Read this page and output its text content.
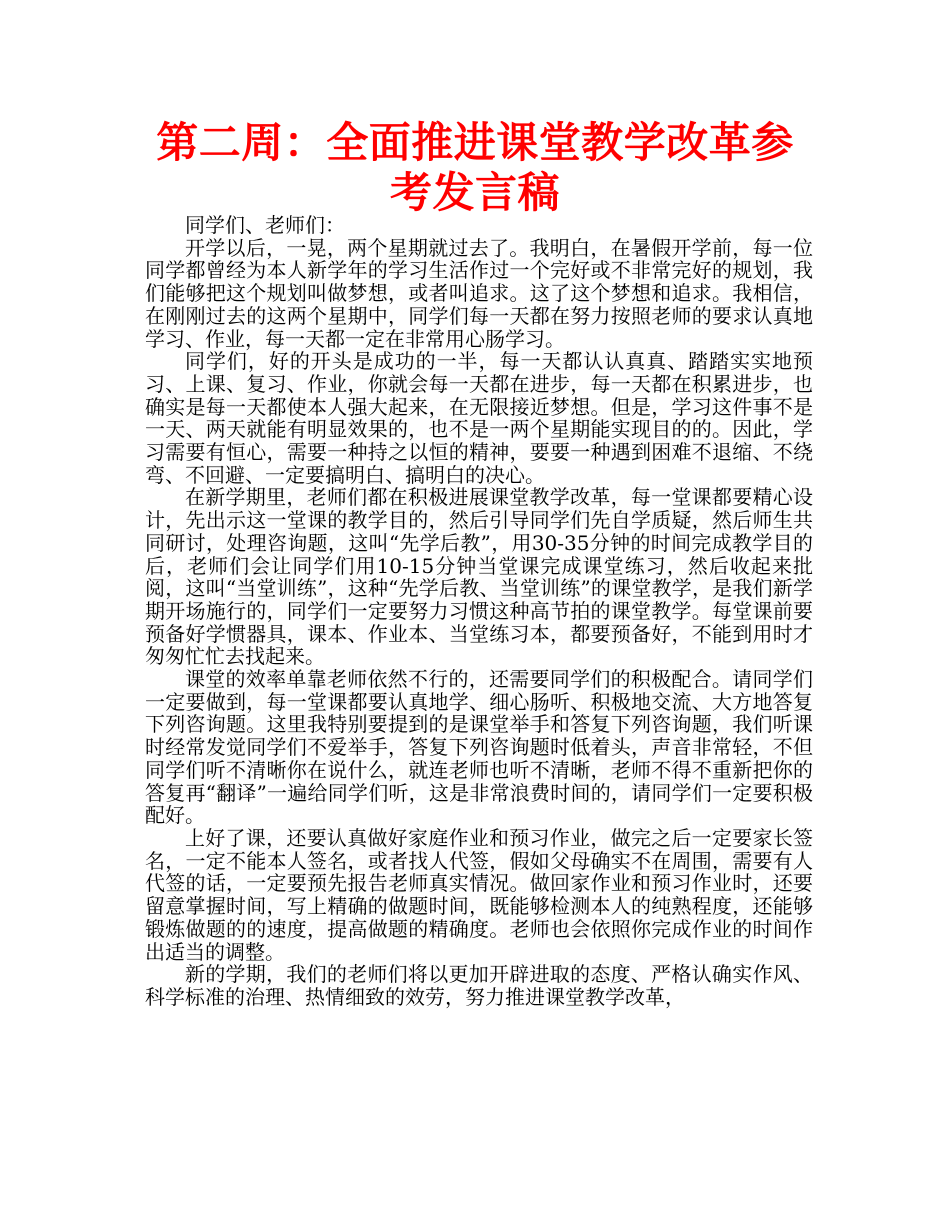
第二周：全面推进课堂教学改革参考发言稿

同学们、老师们：

开学以后，一晃，两个星期就过去了。我明白，在暑假开学前，每一位同学都曾经为本人新学年的学习生活作过一个完好或不非常完好的规划，我们能够把这个规划叫做梦想，或者叫追求。这了这个梦想和追求。我相信，在刚刚过去的这两个星期中，同学们每一天都在努力按照老师的要求认真地学习、作业，每一天都一定在非常用心肠学习。

同学们，好的开头是成功的一半，每一天都认认真真、踏踏实实地预习、上课、复习、作业，你就会每一天都在进步，每一天都在积累进步，也确实是每一天都使本人强大起来，在无限接近梦想。但是，学习这件事不是一天、两天就能有明显效果的，也不是一两个星期能实现目的的。因此，学习需要有恒心，需要一种持之以恒的精神，要要一种遇到困难不退缩、不绕弯、不回避、一定要搞明白、搞明白的决心。

在新学期里，老师们都在积极进展课堂教学改革，每一堂课都要精心设计，先出示这一堂课的教学目的，然后引导同学们先自学质疑，然后师生共同研讨，处理咨询题，这叫“先学后教”，用30-35分钟的时间完成教学目的后，老师们会让同学们用10-15分钟当堂课完成课堂练习，然后收起来批阅，这叫“当堂训练”，这种“先学后教、当堂训练”的课堂教学，是我们新学期开场施行的，同学们一定要努力习惯这种高节拍的课堂教学。每堂课前要预备好学惯器具，课本、作业本、当堂练习本，都要预备好，不能到用时才匆匆忙忙去找起来。

课堂的效率单靠老师依然不行的，还需要同学们的积极配合。请同学们一定要做到，每一堂课都要认真地学、细心肠听、积极地交流、大方地答复下列咨询题。这里我特别要提到的是课堂举手和答复下列咨询题，我们听课时经常发觉同学们不爱举手，答复下列咨询题时低着头，声音非常轻，不但同学们听不清晰你在说什么，就连老师也听不清晰，老师不得不重新把你的答复再“翻译”一遍给同学们听，这是非常浪费时间的，请同学们一定要积极配好。

上好了课，还要认真做好家庭作业和预习作业，做完之后一定要家长签名，一定不能本人签名，或者找人代签，假如父母确实不在周围，需要有人代签的话，一定要预先报告老师真实情况。做回家作业和预习作业时，还要留意掌握时间，写上精确的做题时间，既能够检测本人的纯熟程度，还能够锻炼做题的的速度，提高做题的精确度。老师也会依照你完成作业的时间作出适当的调整。

新的学期，我们的老师们将以更加开辟进取的态度、严格认确实作风、科学标准的治理、热情细致的效劳，努力推进课堂教学改革，
